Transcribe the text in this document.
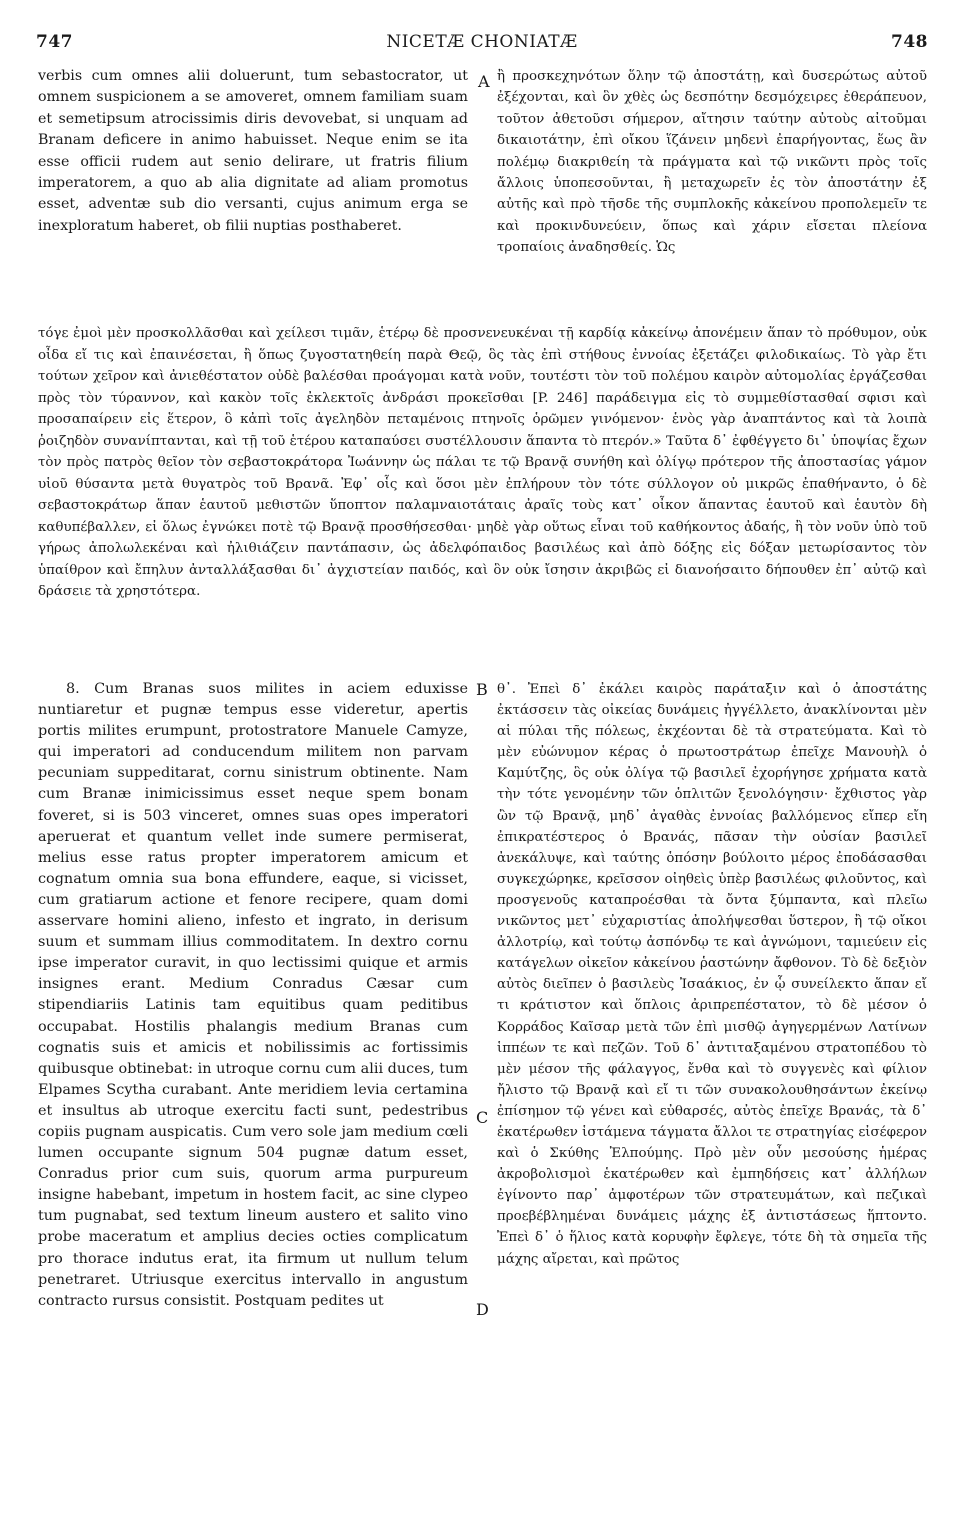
747	NICETÆ CHONIATÆ	748

verbis cum omnes alii doluerunt, tum sebastocrator, ut omnem suspicionem a se amoveret, omnem familiam suam et semetipsum atrocissimis diris devovebat, si unquam ad Branam deficere in animo habuisset. Neque enim se ita esse officii rudem aut senio delirare, ut fratris filium imperatorem, a quo ab alia dignitate ad aliam promotus esset, adventæ sub dio versanti, cujus animum erga se inexploratum haberet, ob filii nuptias posthaberet.

A ἢ προσκεχηνότων ὅλην τῷ ἀποστάτῃ, καὶ δυσερώτως αὐτοῦ ἐξέχονται, καὶ ὃν χθὲς ὡς δεσπότην δεσμόχειρες ἐθεράπευον, τοῦτον ἀθετοῦσι σήμερον, αἴτησιν ταύτην αὐτοὺς αἰτοῦμαι δικαιοτάτην, ἐπὶ οἴκου ἵζάνειν μηδενὶ ἐπαρήγοντας, ἕως ἂν πολέμῳ διακριθείη τὰ πράγματα καὶ τῷ νικῶντι πρὸς τοῖς ἄλλοις ὑποπεσοῦνται, ἢ μεταχωρεῖν ἐς τὸν ἀποστάτην ἐξ αὐτῆς καὶ πρὸ τῆσδε τῆς συμπλοκῆς κἀκείνου προπολεμεῖν τε καὶ προκινδυνεύειν, ὅπως καὶ χάριν εἴσεται πλείονα τροπαίοις ἀναδησθείς. Ὡς

τόγε ἐμοὶ μὲν προσκολλᾶσθαι καὶ χείλεσι τιμᾶν, ἑτέρῳ δὲ προσνενευκέναι τῇ καρδίᾳ κἀκείνῳ ἀπονέμειν ἅπαν τὸ πρόθυμον, οὐκ οἶδα εἴ τις καὶ ἐπαινέσεται, ἢ ὅπως ζυγοστατηθείη παρὰ Θεῷ, ὃς τὰς ἐπὶ στήθους ἐννοίας ἐξετάζει φιλοδικαίως. Τὸ γὰρ ἔτι τούτων χεῖρον καὶ ἀνιεθέστατον οὐδὲ βαλέσθαι προάγομαι κατὰ νοῦν, τουτέστι τὸν τοῦ πολέμου καιρὸν αὐτομολίας ἐργάζεσθαι πρὸς τὸν τύραννον, καὶ κακὸν τοῖς ἐκλεκτοῖς ἀνδράσι προκεῖσθαι [P. 246] παράδειγμα εἰς τὸ συμμεθίστασθαί σφισι καὶ προσαπαίρειν εἰς ἕτερον, ὃ κἀπὶ τοῖς ἀγεληδὸν πεταμένοις πτηνοῖς ὁρῶμεν γινόμενον· ἑνὸς γὰρ ἀναπτάντος καὶ τὰ λοιπὰ ῥοιζηδὸν συνανίπτανται, καὶ τῇ τοῦ ἑτέρου καταπαύσει συστέλλουσιν ἅπαντα τὸ πτερόν.» Ταῦτα δ᾽ ἐφθέγγετο δι᾽ ὑποψίας ἔχων τὸν πρὸς πατρὸς θεῖον τὸν σεβαστοκράτορα Ἰωάννην ὡς πάλαι τε τῷ Βρανᾷ συνήθη καὶ ὀλίγῳ πρότερον τῆς ἀποστασίας γάμον υἱοῦ θύσαντα μετὰ θυγατρὸς τοῦ Βρανᾶ. Ἐφ᾽ οἷς καὶ ὅσοι μὲν ἐπλήρουν τὸν τότε σύλλογον οὐ μικρῶς ἐπαθήναντο, ὁ δὲ σεβαστοκράτωρ ἅπαν ἑαυτοῦ μεθιστῶν ὕποπτον παλαμναιοτάταις ἀραῖς τοὺς κατ᾽ οἶκον ἅπαντας ἑαυτοῦ καὶ ἑαυτὸν δὴ καθυπέβαλλεν, εἰ ὅλως ἐγνώκει ποτὲ τῷ Βρανᾷ προσθήσεσθαι· μηδὲ γὰρ οὕτως εἶναι τοῦ καθήκοντος ἀδαής, ἢ τὸν νοῦν ὑπὸ τοῦ γήρως ἀπολωλεκέναι καὶ ἠλιθιάζειν παντάπασιν, ὡς ἀδελφόπαιδος βασιλέως καὶ ἀπὸ δόξης εἰς δόξαν μετωρίσαντος τὸν ὑπαίθρον καὶ ἔπηλυν ἀνταλλάξασθαι δι᾽ ἀγχιστείαν παιδός, καὶ ὃν οὐκ ἴσησιν ἀκριβῶς εἰ διανοήσαιτο δήπουθεν ἐπ᾽ αὐτῷ καὶ δράσειε τὰ χρηστότερα.

8. Cum Branas suos milites in aciem eduxisse nuntiaretur et pugnæ tempus esse videretur, apertis portis milites erumpunt, protostratore Manuele Camyze, qui imperatori ad conducendum militem non parvam pecuniam suppeditarat, cornu sinistrum obtinente. Nam cum Branæ inimicissimus esset neque spem bonam foveret, si is 503 vinceret, omnes suas opes imperatori aperuerat et quantum vellet inde sumere permiserat, melius esse ratus propter imperatorem amicum et cognatum omnia sua bona effundere, eaque, si vicisset, cum gratiarum actione et fenore recipere, quam domi asservare homini alieno, infesto et ingrato, in derisum suum et summam illius commoditatem. In dextro cornu ipse imperator curavit, in quo lectissimi quique et armis insignes erant. Medium Conradus Cæsar cum stipendiariis Latinis tam equitibus quam peditibus occupabat. Hostilis phalangis medium Branas cum cognatis suis et amicis et nobilissimis ac fortissimis quibusque obtinebat: in utroque cornu cum alii duces, tum Elpames Scytha curabant. Ante meridiem levia certamina et insultus ab utroque exercitu facti sunt, pedestribus copiis pugnam auspicatis. Cum vero sole jam medium cœli lumen occupante signum 504 pugnæ datum esset, Conradus prior cum suis, quorum arma purpureum insigne habebant, impetum in hostem facit, ac sine clypeo tum pugnabat, sed textum lineum austero et salito vino probe maceratum et amplius decies octies complicatum pro thorace indutus erat, ita firmum ut nullum telum penetraret. Utriusque exercitus intervallo in angustum contracto rursus consistit. Postquam pedites ut

B
C
D

θ᾽. Ἐπεὶ δ᾽ ἐκάλει καιρὸς παράταξιν καὶ ὁ ἀποστάτης ἐκτάσσειν τὰς οἰκείας δυνάμεις ἠγγέλλετο, ἀνακλίνονται μὲν αἱ πύλαι τῆς πόλεως, ἐκχέονται δὲ τὰ στρατεύματα. Καὶ τὸ μὲν εὐώνυμον κέρας ὁ πρωτοστράτωρ ἐπεῖχε Μανουὴλ ὁ Καμύτζης, ὃς οὐκ ὀλίγα τῷ βασιλεῖ ἐχορήγησε χρήματα κατὰ τὴν τότε γενομένην τῶν ὁπλιτῶν ξενολόγησιν· ἔχθιστος γὰρ ὢν τῷ Βρανᾷ, μηδ᾽ ἀγαθὰς ἐννοίας βαλλόμενος εἴπερ εἴη ἐπικρατέστερος ὁ Βρανάς, πᾶσαν τὴν οὐσίαν βασιλεῖ ἀνεκάλυψε, καὶ ταύτης ὁπόσην βούλοιτο μέρος ἐποδάσασθαι συγκεχώρηκε, κρεῖσσον οἰηθεὶς ὑπὲρ βασιλέως φιλοῦντος, καὶ προσγενοῦς καταπροέσθαι τὰ ὄντα ξύμπαντα, καὶ πλεῖω νικῶντος μετ᾽ εὐχαριστίας ἀπολήψεσθαι ὕστερον, ἢ τῷ οἴκοι ἀλλοτρίῳ, καὶ τούτῳ ἀσπόνδῳ τε καὶ ἀγνώμονι, ταμιεύειν εἰς κατάγελων οἰκεῖον κἀκείνου ῥαστώνην ἄφθονον. Τὸ δὲ δεξιὸν αὐτὸς διεῖπεν ὁ βασιλεὺς Ἰσαάκιος, ἐν ᾧ συνείλεκτο ἅπαν εἴ τι κράτιστον καὶ ὅπλοις ἀριπρεπέστατον, τὸ δὲ μέσον ὁ Κορράδος Καῖσαρ μετὰ τῶν ἐπὶ μισθῷ ἀγηγερμένων Λατίνων ἱππέων τε καὶ πεζῶν. Τοῦ δ᾽ ἀντιταξαμένου στρατοπέδου τὸ μὲν μέσον τῆς φάλαγγος, ἔνθα καὶ τὸ συγγενὲς καὶ φίλιον ἤλιστο τῷ Βρανᾷ καὶ εἴ τι τῶν συνακολουθησάντων ἐκείνῳ ἐπίσημον τῷ γένει καὶ εὐθαρσές, αὐτὸς ἐπεῖχε Βρανάς, τὰ δ᾽ ἑκατέρωθεν ἱστάμενα τάγματα ἄλλοι τε στρατηγίας εἰσέφερον καὶ ὁ Σκύθης Ἐλπούμης. Πρὸ μὲν οὖν μεσούσης ἡμέρας ἀκροβολισμοὶ ἑκατέρωθεν καὶ ἐμπηδήσεις κατ᾽ ἀλλήλων ἐγίνοντο παρ᾽ ἀμφοτέρων τῶν στρατευμάτων, καὶ πεζικαὶ προεβέβλημέναι δυνάμεις μάχης ἐξ ἀντιστάσεως ἥπτοντο. Ἐπεὶ δ᾽ ὁ ἥλιος κατὰ κορυφὴν ἔφλεγε, τότε δὴ τὰ σημεῖα τῆς μάχης αἴρεται, καὶ πρῶτος
